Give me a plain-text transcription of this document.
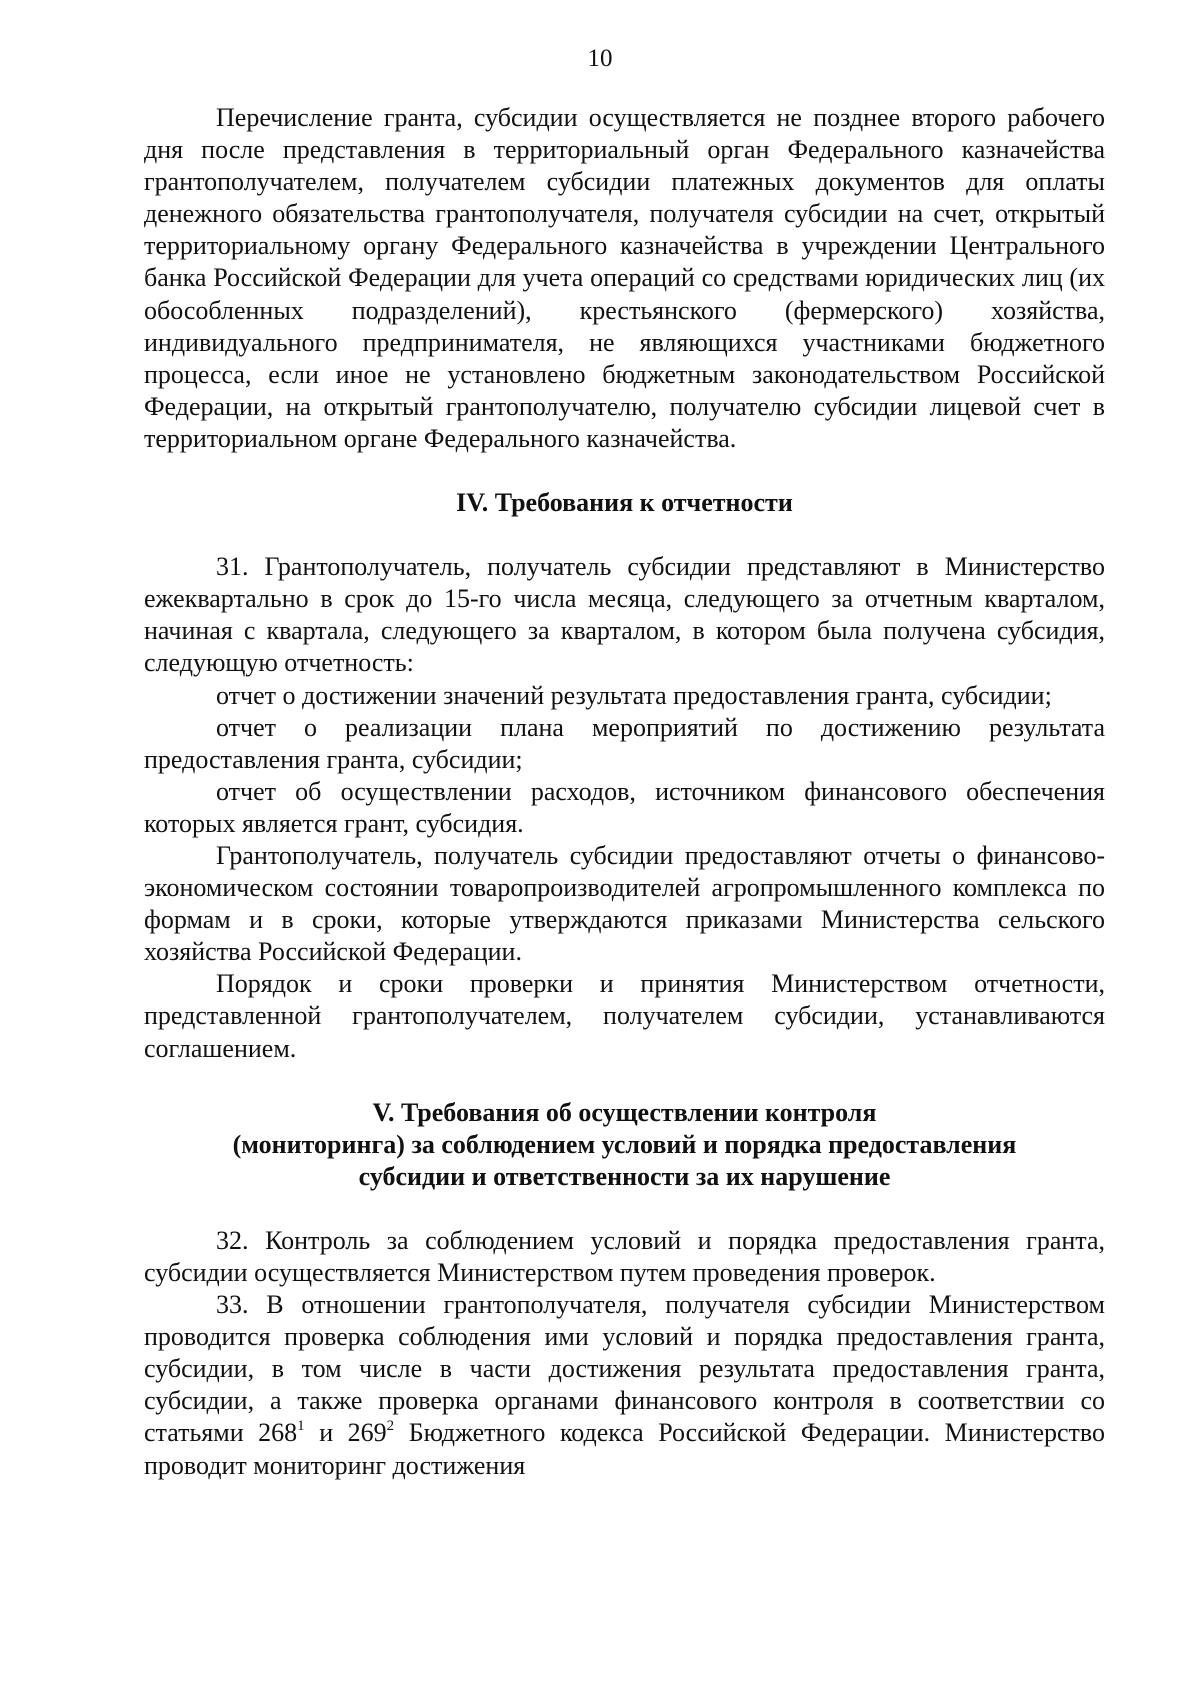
10

Перечисление гранта, субсидии осуществляется не позднее второго рабочего дня после представления в территориальный орган Федерального казначейства грантополучателем, получателем субсидии платежных документов для оплаты денежного обязательства грантополучателя, получателя субсидии на счет, открытый территориальному органу Федерального казначейства в учреждении Центрального банка Российской Федерации для учета операций со средствами юридических лиц (их обособленных подразделений), крестьянского (фермерского) хозяйства, индивидуального предпринимателя, не являющихся участниками бюджетного процесса, если иное не установлено бюджетным законодательством Российской Федерации, на открытый грантополучателю, получателю субсидии лицевой счет в территориальном органе Федерального казначейства.

IV. Требования к отчетности

31. Грантополучатель, получатель субсидии представляют в Министерство ежеквартально в срок до 15-го числа месяца, следующего за отчетным кварталом, начиная с квартала, следующего за кварталом, в котором была получена субсидия, следующую отчетность:

отчет о достижении значений результата предоставления гранта, субсидии;

отчет о реализации плана мероприятий по достижению результата предоставления гранта, субсидии;

отчет об осуществлении расходов, источником финансового обеспечения которых является грант, субсидия.

Грантополучатель, получатель субсидии предоставляют отчеты о финансово-экономическом состоянии товаропроизводителей агропромышленного комплекса по формам и в сроки, которые утверждаются приказами Министерства сельского хозяйства Российской Федерации.

Порядок и сроки проверки и принятия Министерством отчетности, представленной грантополучателем, получателем субсидии, устанавливаются соглашением.

V. Требования об осуществлении контроля
(мониторинга) за соблюдением условий и порядка предоставления
субсидии и ответственности за их нарушение

32. Контроль за соблюдением условий и порядка предоставления гранта, субсидии осуществляется Министерством путем проведения проверок.

33. В отношении грантополучателя, получателя субсидии Министерством проводится проверка соблюдения ими условий и порядка предоставления гранта, субсидии, в том числе в части достижения результата предоставления гранта, субсидии, а также проверка органами финансового контроля в соответствии со статьями $268^1$ и $269^2$ Бюджетного кодекса Российской Федерации. Министерство проводит мониторинг достижения
